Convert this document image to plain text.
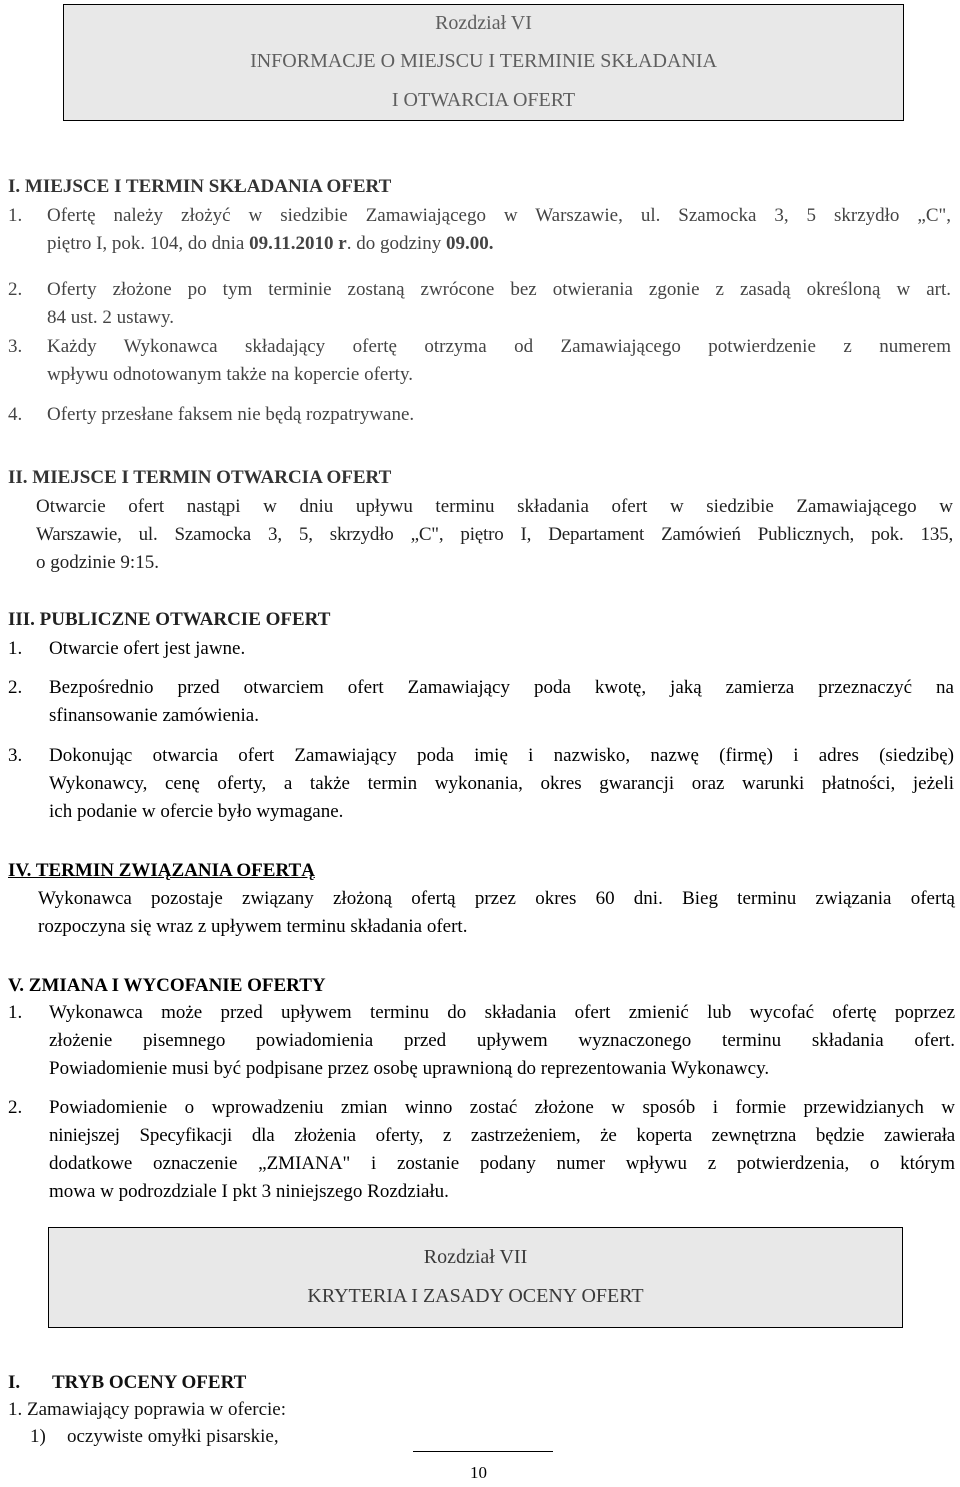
Rozdział VI
INFORMACJE O MIEJSCU I TERMINIE SKŁADANIA
I OTWARCIA OFERT
I. MIEJSCE I TERMIN SKŁADANIA OFERT
1. Ofertę należy złożyć w siedzibie Zamawiającego w Warszawie, ul. Szamocka 3, 5 skrzydło „C",
piętro I, pok. 104, do dnia 09.11.2010 r. do godziny 09.00.
2. Oferty złożone po tym terminie zostaną zwrócone bez otwierania zgonie z zasadą określoną w art.
84 ust. 2 ustawy.
3. Każdy Wykonawca składający ofertę otrzyma od Zamawiającego potwierdzenie z numerem
wpływu odnotowanym także na kopercie oferty.
4. Oferty przesłane faksem nie będą rozpatrywane.
II. MIEJSCE I TERMIN OTWARCIA OFERT
Otwarcie ofert nastąpi w dniu upływu terminu składania ofert w siedzibie Zamawiającego w
Warszawie, ul. Szamocka 3, 5, skrzydło „C", piętro I, Departament Zamówień Publicznych, pok. 135,
o godzinie 9:15.
III. PUBLICZNE OTWARCIE OFERT
1. Otwarcie ofert jest jawne.
2. Bezpośrednio przed otwarciem ofert Zamawiający poda kwotę, jaką zamierza przeznaczyć na
sfinansowanie zamówienia.
3. Dokonując otwarcia ofert Zamawiający poda imię i nazwisko, nazwę (firmę) i adres (siedzibę)
Wykonawcy, cenę oferty, a także termin wykonania, okres gwarancji oraz warunki płatności, jeżeli
ich podanie w ofercie było wymagane.
IV. TERMIN ZWIĄZANIA OFERTĄ
Wykonawca pozostaje związany złożoną ofertą przez okres 60 dni. Bieg terminu związania ofertą
rozpoczyna się wraz z upływem terminu składania ofert.
V. ZMIANA I WYCOFANIE OFERTY
1. Wykonawca może przed upływem terminu do składania ofert zmienić lub wycofać ofertę poprzez
złożenie pisemnego powiadomienia przed upływem wyznaczonego terminu składania ofert.
Powiadomienie musi być podpisane przez osobę uprawnioną do reprezentowania Wykonawcy.
2. Powiadomienie o wprowadzeniu zmian winno zostać złożone w sposób i formie przewidzianych w
niniejszej Specyfikacji dla złożenia oferty, z zastrzeżeniem, że koperta zewnętrzna będzie zawierała
dodatkowe oznaczenie „ZMIANA" i zostanie podany numer wpływu z potwierdzenia, o którym
mowa w podrozdziale I pkt 3 niniejszego Rozdziału.
Rozdział VII
KRYTERIA I ZASADY OCENY OFERT
I. TRYB OCENY OFERT
1. Zamawiający poprawia w ofercie:
1) oczywiste omyłki pisarskie,
10
